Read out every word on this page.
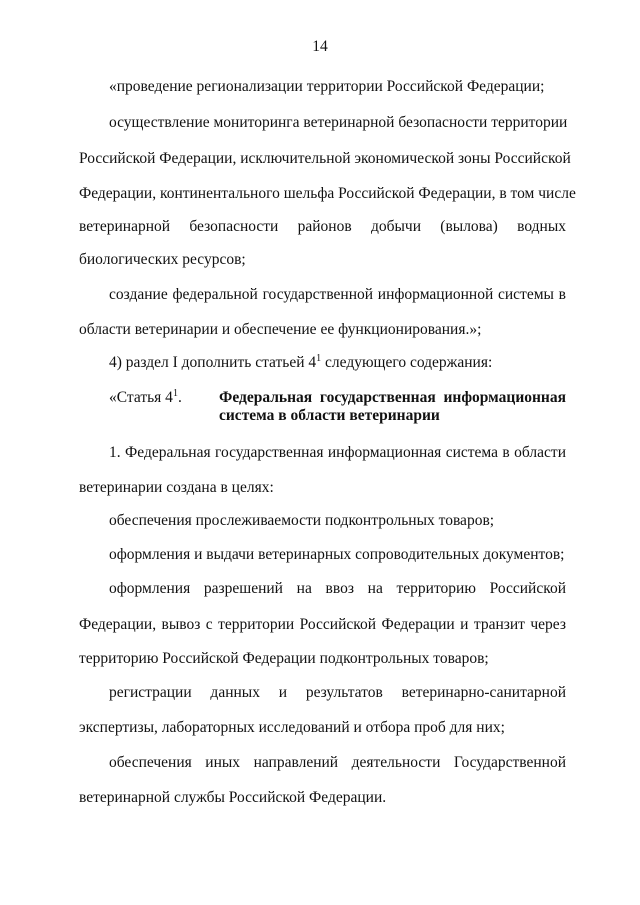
14
«проведение регионализации территории Российской Федерации;
осуществление мониторинга ветеринарной безопасности территории
Российской Федерации, исключительной экономической зоны Российской
Федерации, континентального шельфа Российской Федерации, в том числе
ветеринарной безопасности районов добычи (вылова) водных
биологических ресурсов;
создание федеральной государственной информационной системы в
области ветеринарии и обеспечение ее функционирования.»;
4) раздел I дополнить статьей $4^1$ следующего содержания:
«Статья $4^1$. Федеральная государственная информационная
система в области ветеринарии
1. Федеральная государственная информационная система в области
ветеринарии создана в целях:
обеспечения прослеживаемости подконтрольных товаров;
оформления и выдачи ветеринарных сопроводительных документов;
оформления разрешений на ввоз на территорию Российской
Федерации, вывоз с территории Российской Федерации и транзит через
территорию Российской Федерации подконтрольных товаров;
регистрации данных и результатов ветеринарно-санитарной
экспертизы, лабораторных исследований и отбора проб для них;
обеспечения иных направлений деятельности Государственной
ветеринарной службы Российской Федерации.
